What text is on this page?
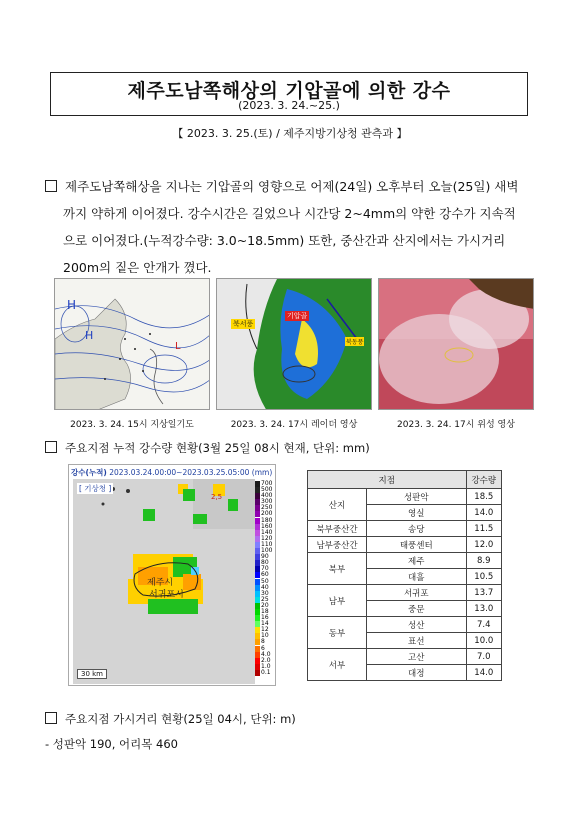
제주도남쪽해상의 기압골에 의한 강수
(2023. 3. 24.~25.)
【 2023. 3. 25.(토) / 제주지방기상청 관측과 】
제주도남쪽해상을 지나는 기압골의 영향으로 어제(24일) 오후부터 오늘(25일) 새벽
까지 약하게 이어졌다. 강수시간은 길었으나 시간당 2~4mm의 약한 강수가 지속적
으로 이어졌다.(누적강수량: 3.0~18.5mm) 또한, 중산간과 산지에서는 가시거리
200m의 짙은 안개가 꼈다.
H
H
L
북서풍
기압골
북동풍
2023. 3. 24. 15시 지상일기도	2023. 3. 24. 17시 레이더 영상	2023. 3. 24. 17시 위성 영상
주요지점 누적 강수량 현황(3월 25일 08시 현재, 단위: mm)
강수(누적) 2023.03.24.00:00~2023.03.25.05:00 (mm)
2,5
[ 기상청 ]
제주시
서귀포시
30 km
700
500
400
300
250
200
180
160
140
120
110
100
90
80
70
60
50
40
30
25
20
18
16
14
12
10
8
6
4.0
2.0
1.0
0.1
지점		강수량
산지	성판악	18.5
	영실	14.0
북부중산간	송당	11.5
남부중산간	태풍센터	12.0
북부	제주	8.9
	대흘	10.5
남부	서귀포	13.7
	중문	13.0
동부	성산	7.4
	표선	10.0
서부	고산	7.0
	대정	14.0
주요지점 가시거리 현황(25일 04시, 단위: m)
- 성판악 190, 어리목 460
